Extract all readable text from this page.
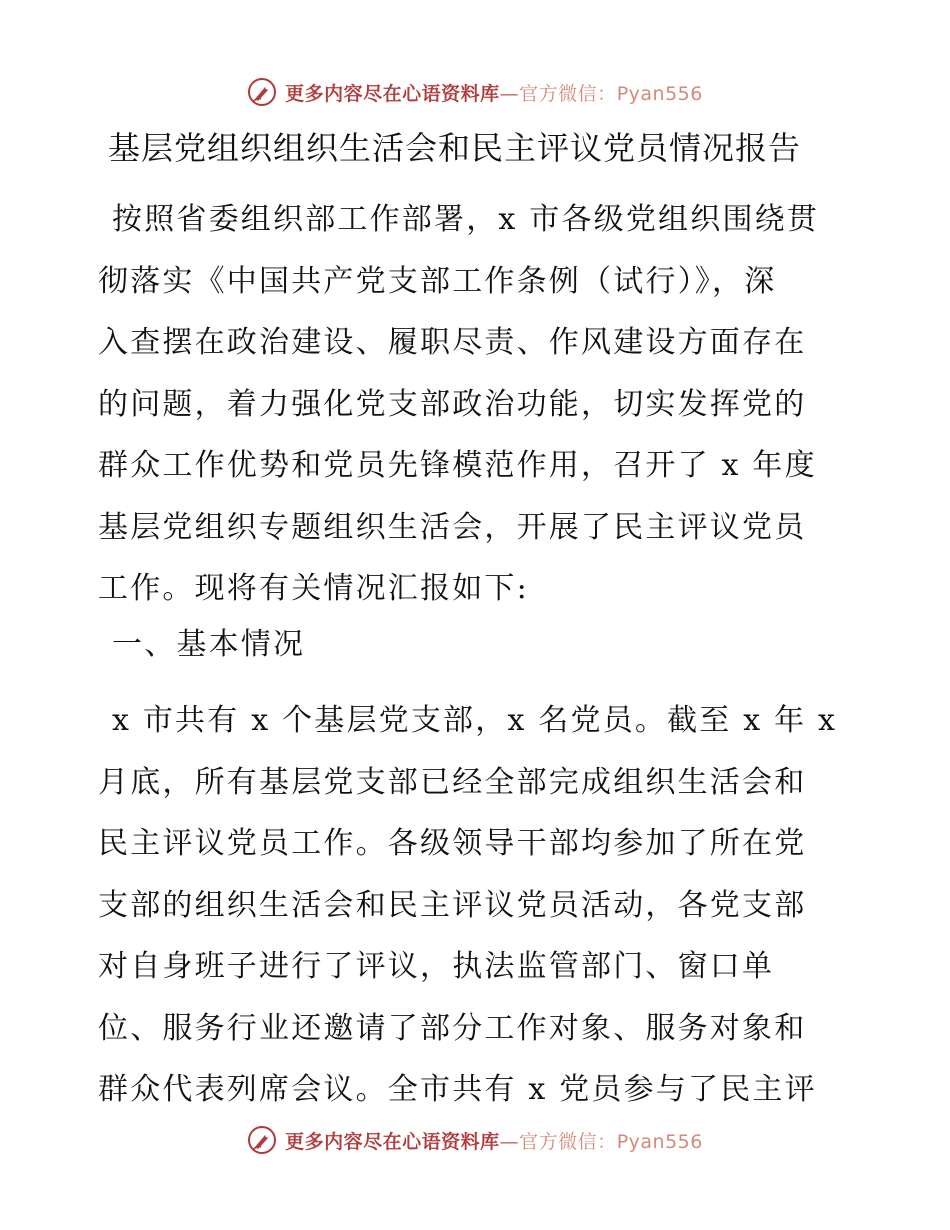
更多内容尽在心语资料库—官方微信：Pyan556
基层党组织组织生活会和民主评议党员情况报告
按照省委组织部工作部署，x 市各级党组织围绕贯
彻落实《中国共产党支部工作条例（试行）》，深
入查摆在政治建设、履职尽责、作风建设方面存在
的问题，着力强化党支部政治功能，切实发挥党的
群众工作优势和党员先锋模范作用，召开了 x 年度
基层党组织专题组织生活会，开展了民主评议党员
工作。现将有关情况汇报如下:
一、基本情况
x 市共有 x 个基层党支部，x 名党员。截至 x 年 x
月底，所有基层党支部已经全部完成组织生活会和
民主评议党员工作。各级领导干部均参加了所在党
支部的组织生活会和民主评议党员活动，各党支部
对自身班子进行了评议，执法监管部门、窗口单
位、服务行业还邀请了部分工作对象、服务对象和
群众代表列席会议。全市共有 x 党员参与了民主评
更多内容尽在心语资料库—官方微信：Pyan556
